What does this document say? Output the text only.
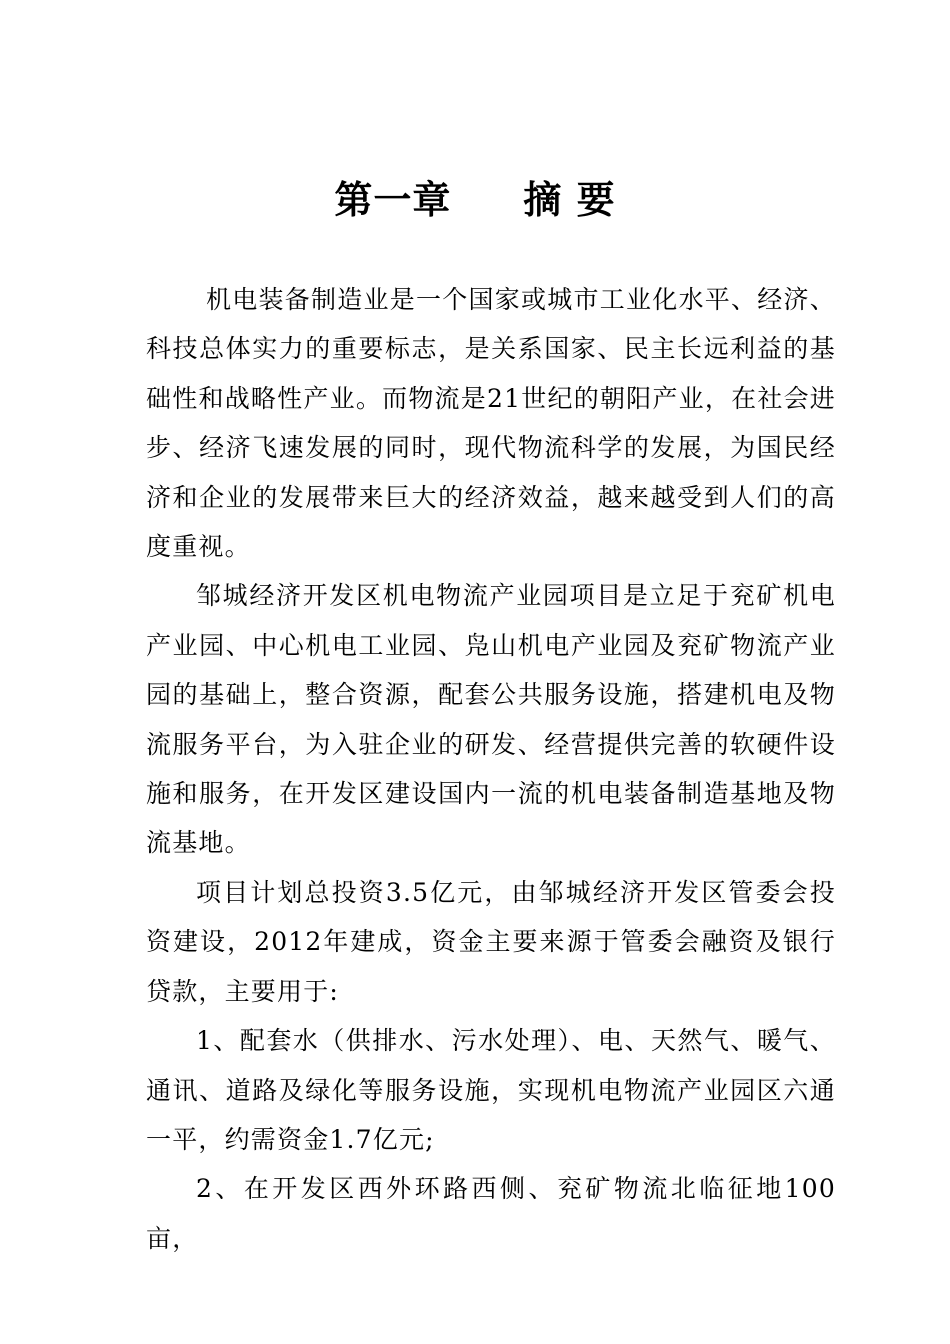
第一章 摘 要

机电装备制造业是一个国家或城市工业化水平、经济、科技总体实力的重要标志，是关系国家、民主长远利益的基础性和战略性产业。而物流是21世纪的朝阳产业，在社会进步、经济飞速发展的同时，现代物流科学的发展，为国民经济和企业的发展带来巨大的经济效益，越来越受到人们的高度重视。

邹城经济开发区机电物流产业园项目是立足于兖矿机电产业园、中心机电工业园、凫山机电产业园及兖矿物流产业园的基础上，整合资源，配套公共服务设施，搭建机电及物流服务平台，为入驻企业的研发、经营提供完善的软硬件设施和服务，在开发区建设国内一流的机电装备制造基地及物流基地。

项目计划总投资3.5亿元，由邹城经济开发区管委会投资建设，2012年建成，资金主要来源于管委会融资及银行贷款，主要用于:

1、配套水（供排水、污水处理）、电、天然气、暖气、通讯、道路及绿化等服务设施，实现机电物流产业园区六通一平，约需资金1.7亿元;

2、在开发区西外环路西侧、兖矿物流北临征地100亩，
